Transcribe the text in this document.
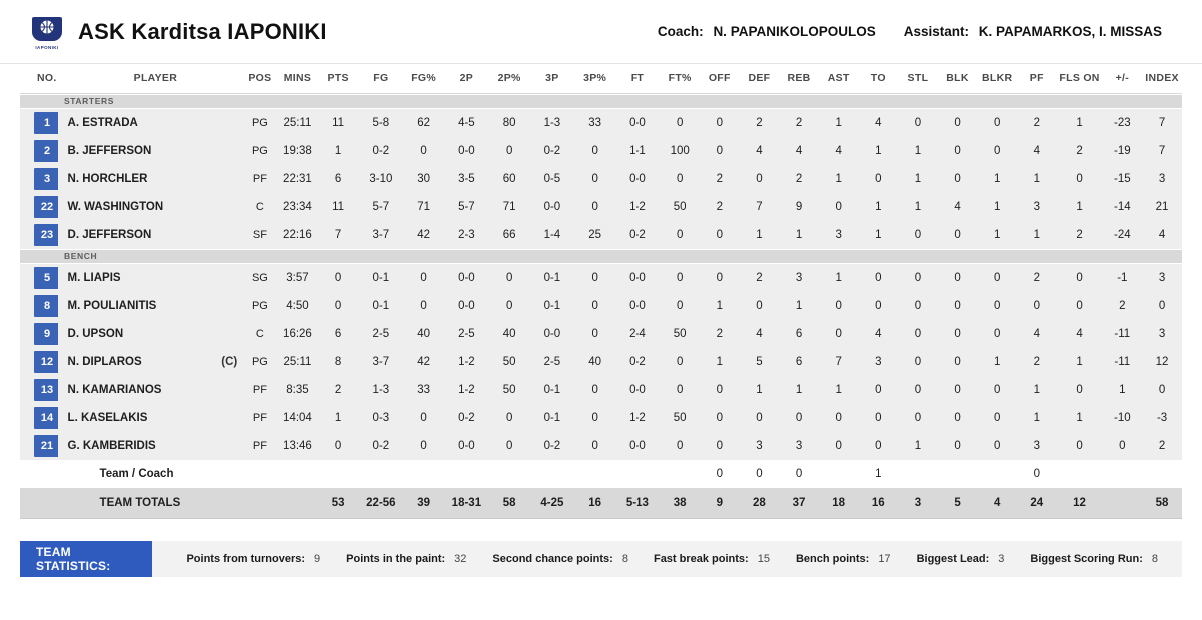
IAPONIKI
ASK Karditsa IAPONIKI	Coach: N. PAPANIKOLOPOULOS Assistant: K. PAPAMARKOS, I. MISSAS
NO.	PLAYER	POS	MINS	PTS	FG	FG%	2P	2P%	3P	3P%	FT	FT%	OFF	DEF	REB	AST	TO	STL	BLK	BLKR	PF	FLS ON	+/-	INDEX

STARTERS																								

1	A. ESTRADA	PG	25:11	11	5-8	62	4-5	80	1-3	33	0-0	0	0	2	2	1	4	0	0	0	2	1	-23	7

2	B. JEFFERSON	PG	19:38	1	0-2	0	0-0	0	0-2	0	1-1	100	0	4	4	4	1	1	0	0	4	2	-19	7

3	N. HORCHLER	PF	22:31	6	3-10	30	3-5	60	0-5	0	0-0	0	2	0	2	1	0	1	0	1	1	0	-15	3

22	W. WASHINGTON	C	23:34	11	5-7	71	5-7	71	0-0	0	1-2	50	2	7	9	0	1	1	4	1	3	1	-14	21

23	D. JEFFERSON	SF	22:16	7	3-7	42	2-3	66	1-4	25	0-2	0	0	1	1	3	1	0	0	1	1	2	-24	4

BENCH																								

5	M. LIAPIS	SG	3:57	0	0-1	0	0-0	0	0-1	0	0-0	0	0	2	3	1	0	0	0	0	2	0	-1	3

8	M. POULIANITIS	PG	4:50	0	0-1	0	0-0	0	0-1	0	0-0	0	1	0	1	0	0	0	0	0	0	0	2	0

9	D. UPSON	C	16:26	6	2-5	40	2-5	40	0-0	0	2-4	50	2	4	6	0	4	0	0	0	4	4	-11	3

12	N. DIPLAROS (C)	PG	25:11	8	3-7	42	1-2	50	2-5	40	0-2	0	1	5	6	7	3	0	0	1	2	1	-11	12

13	N. KAMARIANOS	PF	8:35	2	1-3	33	1-2	50	0-1	0	0-0	0	0	1	1	1	0	0	0	0	1	0	1	0

14	L. KASELAKIS	PF	14:04	1	0-3	0	0-2	0	0-1	0	1-2	50	0	0	0	0	0	0	0	0	1	1	-10	-3

21	G. KAMBERIDIS	PF	13:46	0	0-2	0	0-0	0	0-2	0	0-0	0	0	3	3	0	0	1	0	0	3	0	0	2
	Team / Coach												0	0	0		1				0			
	TEAM TOTALS			53	22-56	39	18-31	58	4-25	16	5-13	38	9	28	37	18	16	3	5	4	24	12		58
TEAM STATISTICS:	Points from turnovers: 9 Points in the paint: 32 Second chance points: 8 Fast break points: 15 Bench points: 17 Biggest Lead: 3 Biggest Scoring Run: 8
